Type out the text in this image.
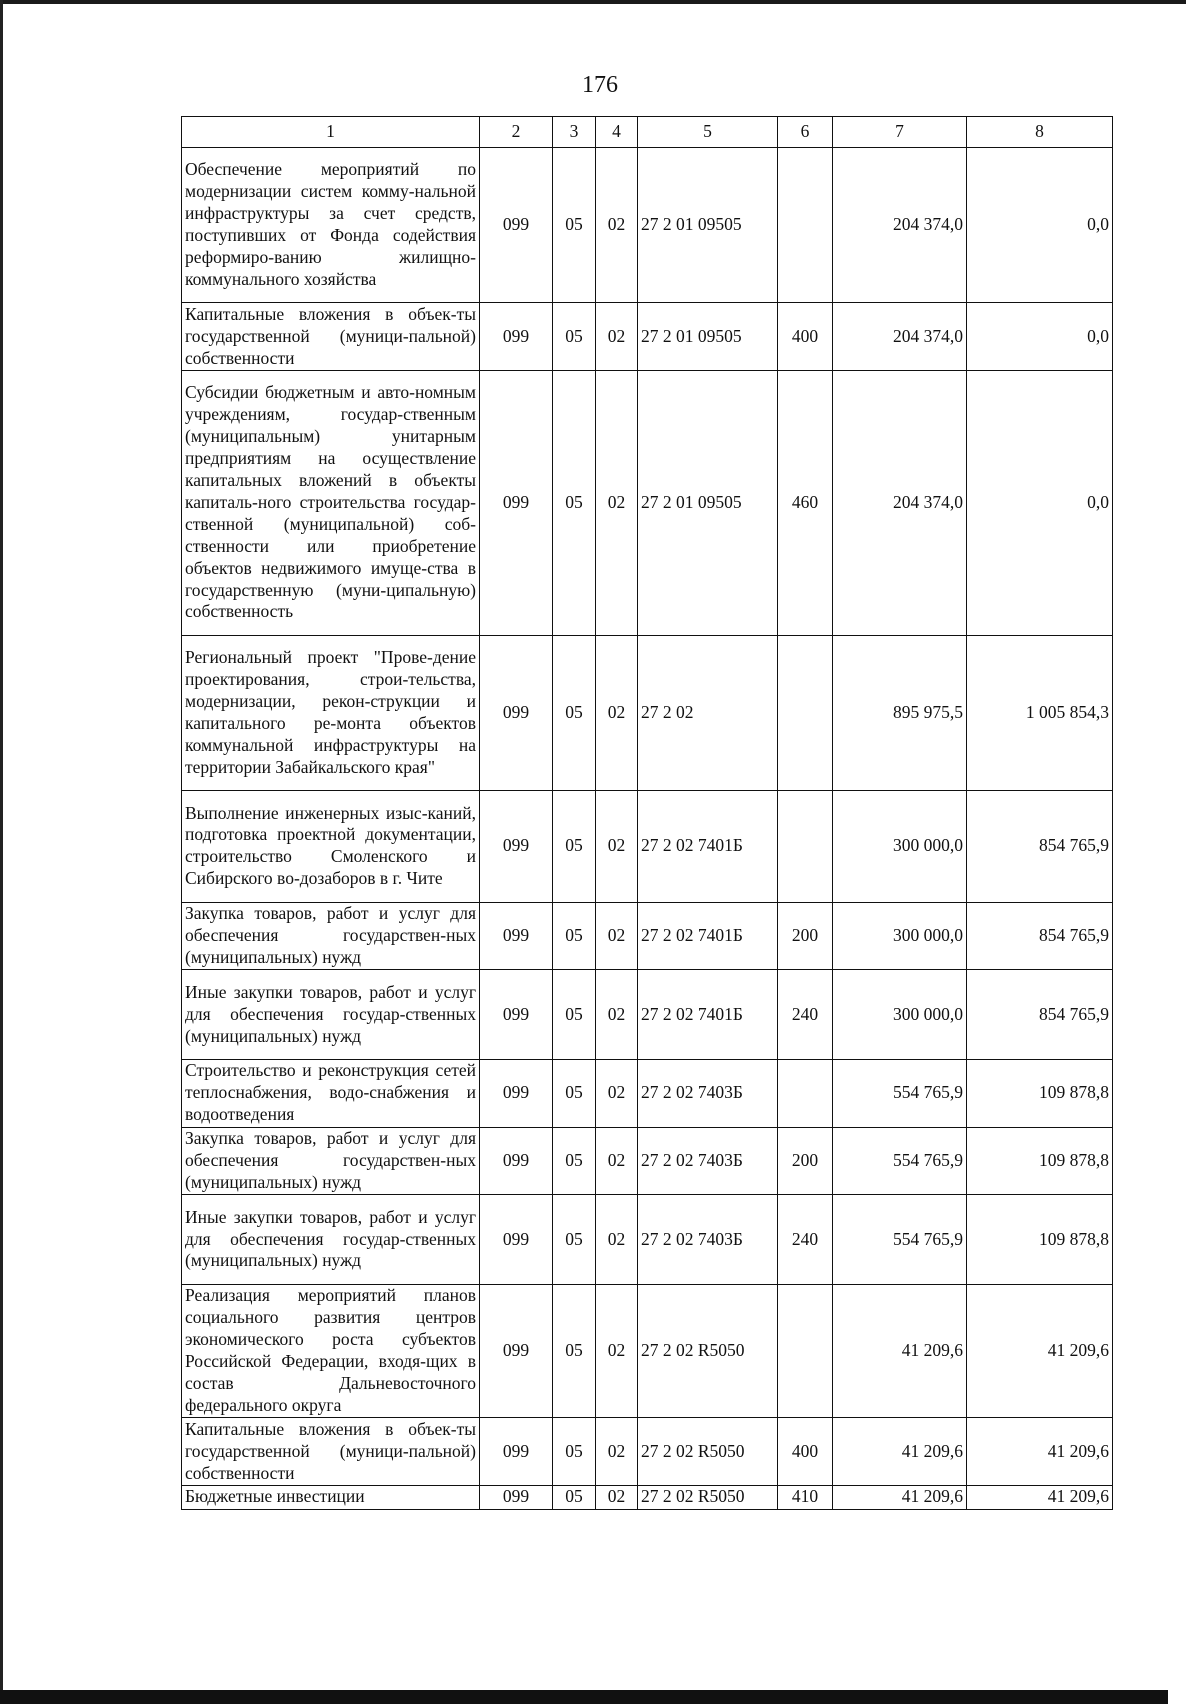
176
1	2	3	4	5	6	7	8
Обеспечение мероприятий по модернизации систем комму-нальной инфраструктуры за счет средств, поступивших от Фонда содействия реформиро-ванию жилищно-коммунального хозяйства	099	05	02	27 2 01 09505		204 374,0	0,0
Капитальные вложения в объек-ты государственной (муници-пальной) собственности	099	05	02	27 2 01 09505	400	204 374,0	0,0
Субсидии бюджетным и авто-номным учреждениям, государ-ственным (муниципальным) унитарным предприятиям на осуществление капитальных вложений в объекты капиталь-ного строительства государ-ственной (муниципальной) соб-ственности или приобретение объектов недвижимого имуще-ства в государственную (муни-ципальную) собственность	099	05	02	27 2 01 09505	460	204 374,0	0,0
Региональный проект "Прове-дение проектирования, строи-тельства, модернизации, рекон-струкции и капитального ре-монта объектов коммунальной инфраструктуры на территории Забайкальского края"	099	05	02	27 2 02		895 975,5	1 005 854,3
Выполнение инженерных изыс-каний, подготовка проектной документации, строительство Смоленского и Сибирского во-дозаборов в г. Чите	099	05	02	27 2 02 7401Б		300 000,0	854 765,9
Закупка товаров, работ и услуг для обеспечения государствен-ных (муниципальных) нужд	099	05	02	27 2 02 7401Б	200	300 000,0	854 765,9
Иные закупки товаров, работ и услуг для обеспечения государ-ственных (муниципальных) нужд	099	05	02	27 2 02 7401Б	240	300 000,0	854 765,9
Строительство и реконструкция сетей теплоснабжения, водо-снабжения и водоотведения	099	05	02	27 2 02 7403Б		554 765,9	109 878,8
Закупка товаров, работ и услуг для обеспечения государствен-ных (муниципальных) нужд	099	05	02	27 2 02 7403Б	200	554 765,9	109 878,8
Иные закупки товаров, работ и услуг для обеспечения государ-ственных (муниципальных) нужд	099	05	02	27 2 02 7403Б	240	554 765,9	109 878,8
Реализация мероприятий планов социального развития центров экономического роста субъектов Российской Федерации, входя-щих в состав Дальневосточного федерального округа	099	05	02	27 2 02 R5050		41 209,6	41 209,6
Капитальные вложения в объек-ты государственной (муници-пальной) собственности	099	05	02	27 2 02 R5050	400	41 209,6	41 209,6
Бюджетные инвестиции	099	05	02	27 2 02 R5050	410	41 209,6	41 209,6
